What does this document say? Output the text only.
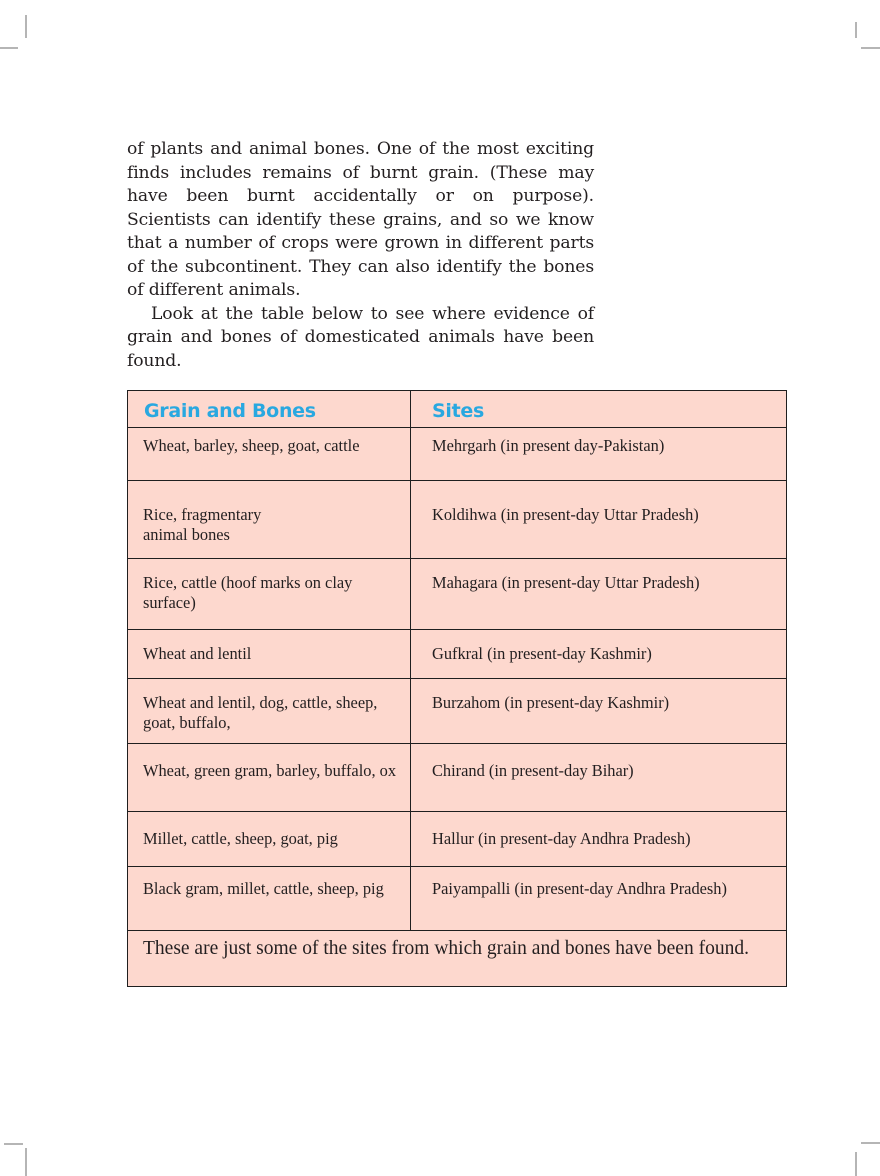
of plants and animal bones. One of the most exciting finds includes remains of burnt grain. (These may have been burnt accidentally or on purpose). Scientists can identify these grains, and so we know that a number of crops were grown in different parts of the subcontinent. They can also identify the bones of different animals.

Look at the table below to see where evidence of grain and bones of domesticated animals have been found.

Grain and Bones	Sites
Wheat, barley, sheep, goat, cattle	Mehrgarh (in present day-Pakistan)
Rice, fragmentary animal bones	Koldihwa (in present-day Uttar Pradesh)
Rice, cattle (hoof marks on clay surface)	Mahagara (in present-day Uttar Pradesh)
Wheat and lentil	Gufkral (in present-day Kashmir)
Wheat and lentil, dog, cattle, sheep, goat, buffalo,	Burzahom (in present-day Kashmir)
Wheat, green gram, barley, buffalo, ox	Chirand (in present-day Bihar)
Millet, cattle, sheep, goat, pig	Hallur (in present-day Andhra Pradesh)
Black gram, millet, cattle, sheep, pig	Paiyampalli (in present-day Andhra Pradesh)
These are just some of the sites from which grain and bones have been found.	
